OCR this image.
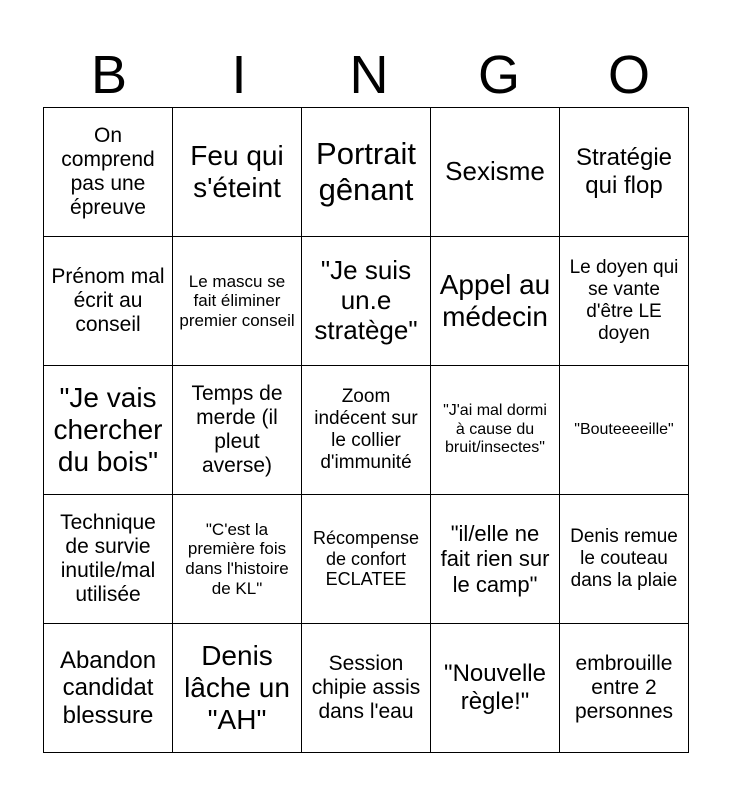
B	I	N	G	O
On comprend pas une épreuve	Feu qui s'éteint	Portrait gênant	Sexisme	Stratégie qui flop
Prénom mal écrit au conseil	Le mascu se fait éliminer premier conseil	"Je suis un.e stratège"	Appel au médecin	Le doyen qui se vante d'être LE doyen
"Je vais chercher du bois"	Temps de merde (il pleut averse)	Zoom indécent sur le collier d'immunité	"J'ai mal dormi à cause du bruit/insectes"	"Bouteeeeille"
Technique de survie inutile/mal utilisée	"C'est la première fois dans l'histoire de KL"	Récompense de confort ECLATEE	"il/elle ne fait rien sur le camp"	Denis remue le couteau dans la plaie
Abandon candidat blessure	Denis lâche un "AH"	Session chipie assis dans l'eau	"Nouvelle règle!"	embrouille entre 2 personnes
